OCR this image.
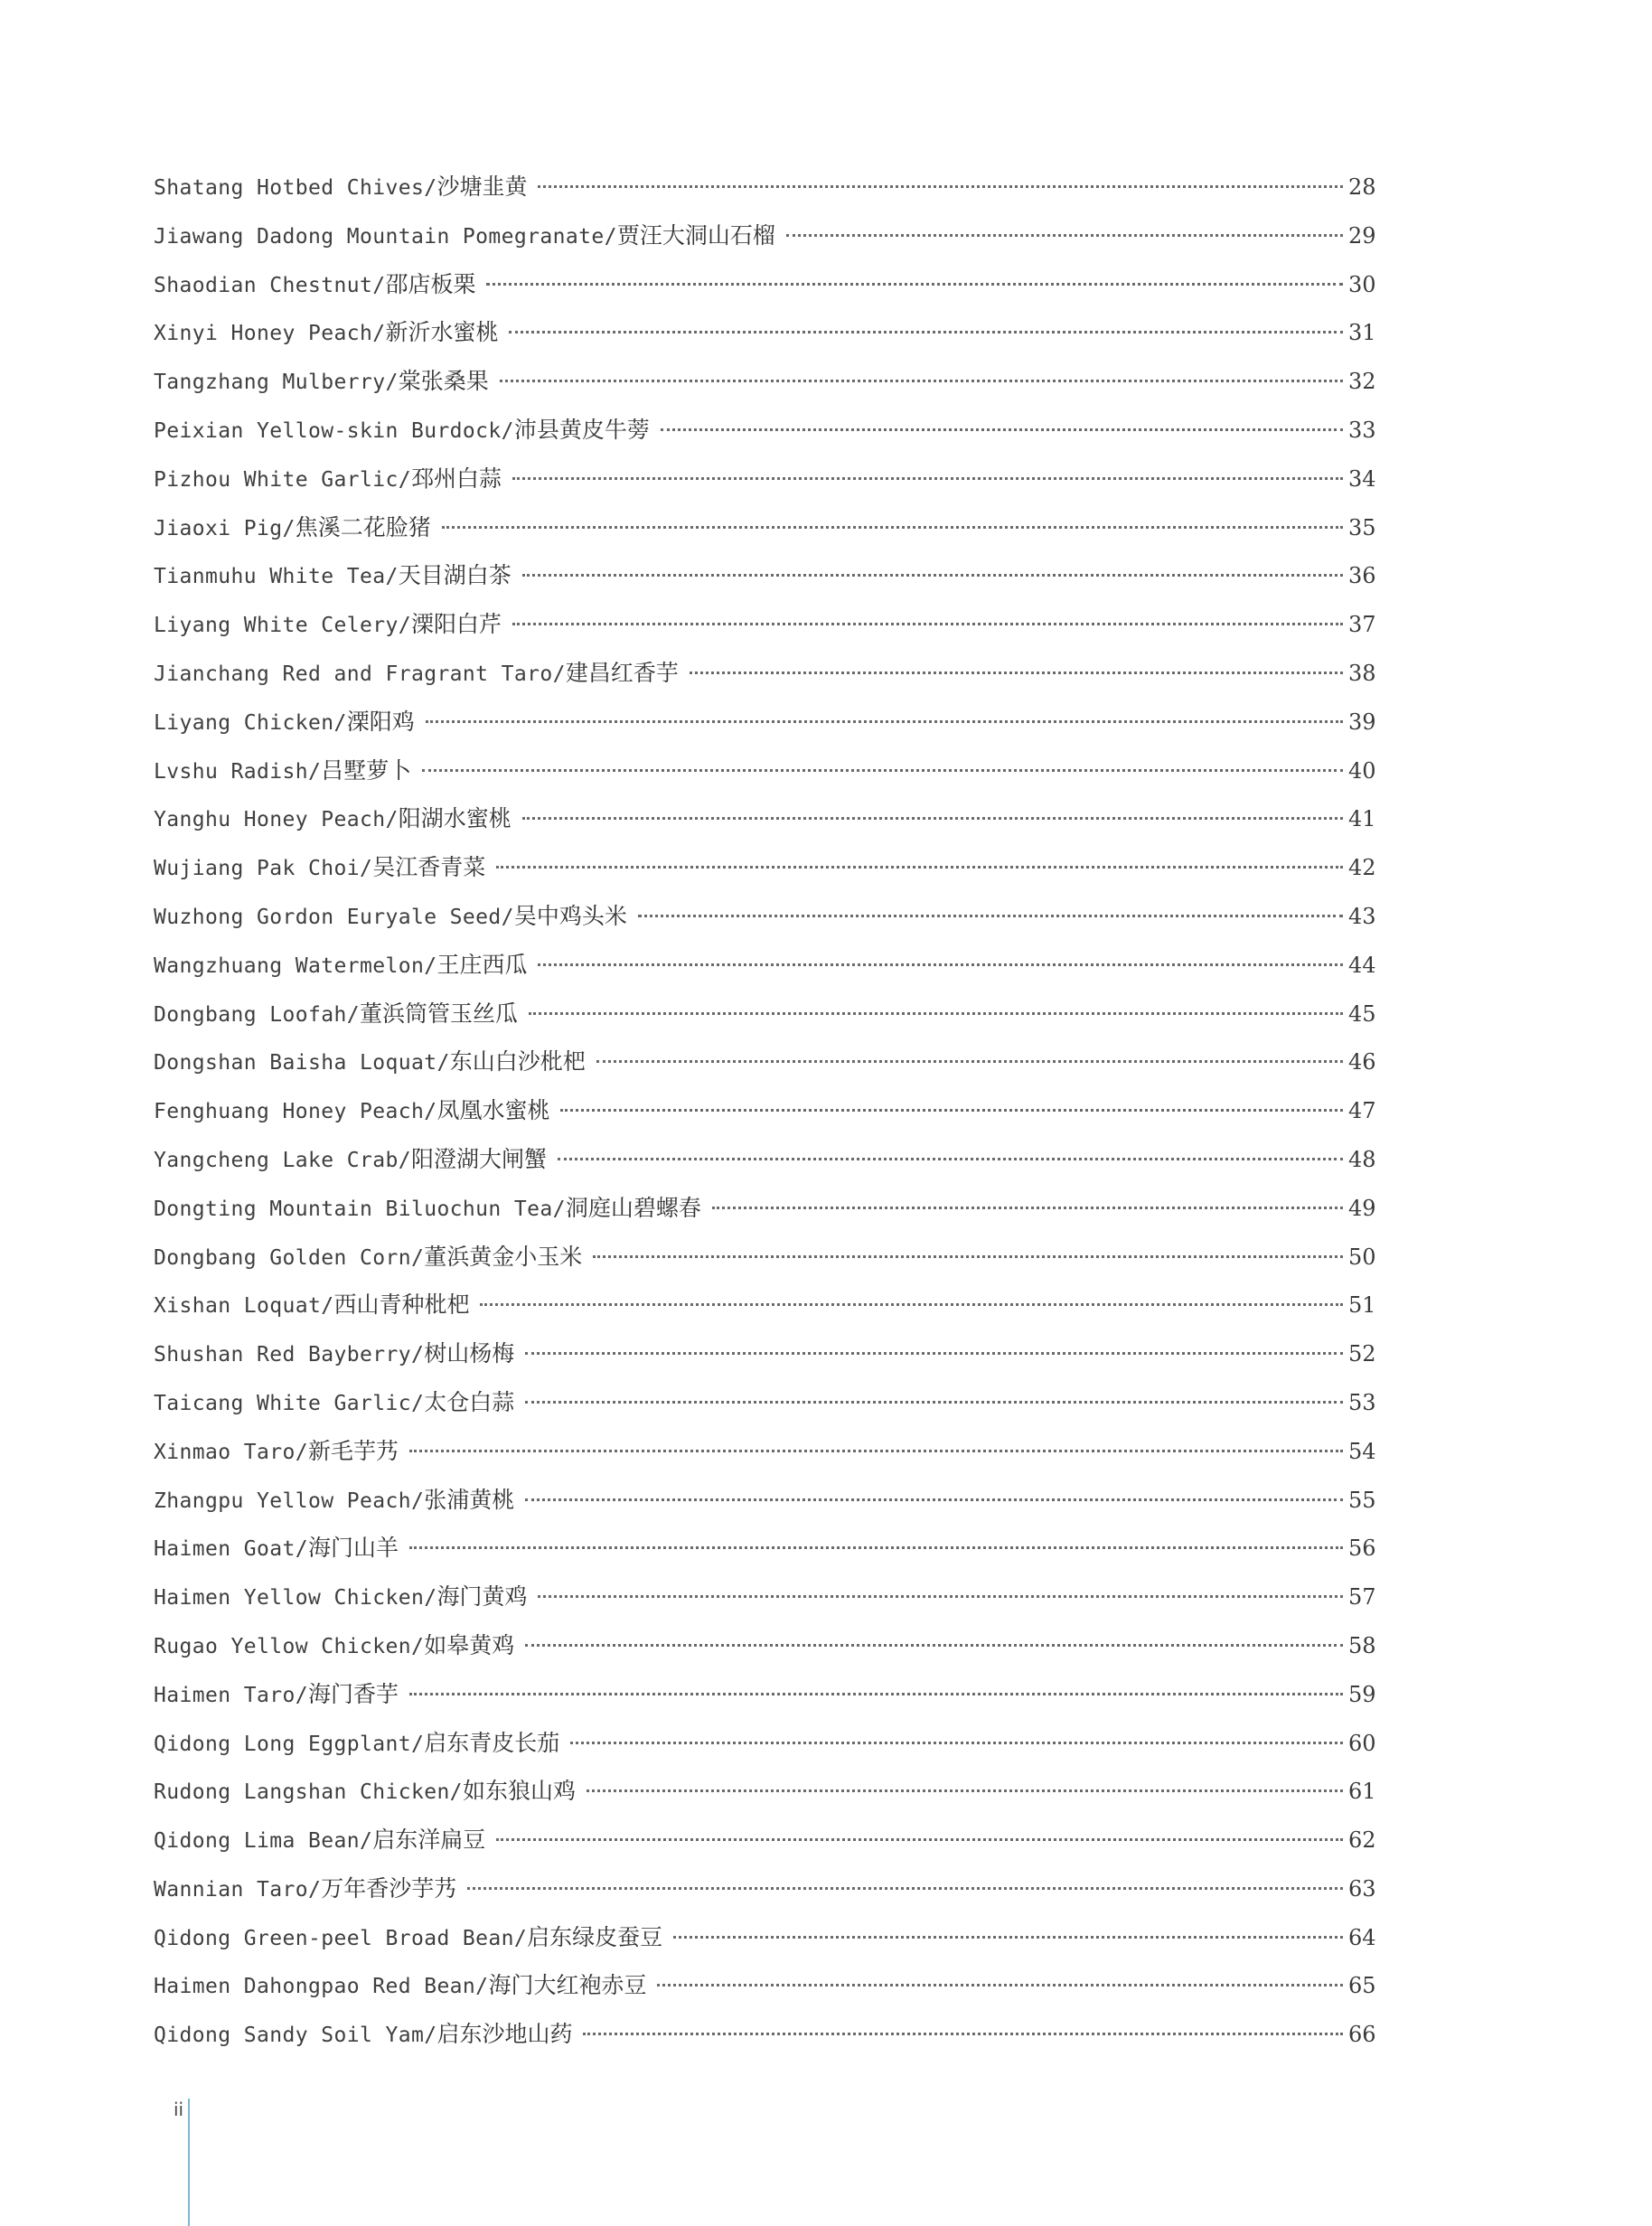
Shatang Hotbed Chives/ 沙塘韭黄	28
Jiawang Dadong Mountain Pomegranate/ 贾汪大洞山石榴	29
Shaodian Chestnut/ 邵店板栗	30
Xinyi Honey Peach/ 新沂水蜜桃	31
Tangzhang Mulberry/ 棠张桑果	32
Peixian Yellow-skin Burdock/ 沛县黄皮牛蒡	33
Pizhou White Garlic/ 邳州白蒜	34
Jiaoxi Pig/ 焦溪二花脸猪	35
Tianmuhu White Tea/ 天目湖白茶	36
Liyang White Celery/ 溧阳白芹	37
Jianchang Red and Fragrant Taro/ 建昌红香芋	38
Liyang Chicken/ 溧阳鸡	39
Lvshu Radish/ 吕墅萝卜	40
Yanghu Honey Peach/ 阳湖水蜜桃	41
Wujiang Pak Choi/ 吴江香青菜	42
Wuzhong Gordon Euryale Seed/ 吴中鸡头米	43
Wangzhuang Watermelon/ 王庄西瓜	44
Dongbang Loofah/ 董浜筒管玉丝瓜	45
Dongshan Baisha Loquat/ 东山白沙枇杷	46
Fenghuang Honey Peach/ 凤凰水蜜桃	47
Yangcheng Lake Crab/ 阳澄湖大闸蟹	48
Dongting Mountain Biluochun Tea/ 洞庭山碧螺春	49
Dongbang Golden Corn/ 董浜黄金小玉米	50
Xishan Loquat/ 西山青种枇杷	51
Shushan Red Bayberry/ 树山杨梅	52
Taicang White Garlic/ 太仓白蒜	53
Xinmao Taro/ 新毛芋艿	54
Zhangpu Yellow Peach/ 张浦黄桃	55
Haimen Goat/ 海门山羊	56
Haimen Yellow Chicken/ 海门黄鸡	57
Rugao Yellow Chicken/ 如皋黄鸡	58
Haimen Taro/ 海门香芋	59
Qidong Long Eggplant/ 启东青皮长茄	60
Rudong Langshan Chicken/ 如东狼山鸡	61
Qidong Lima Bean/ 启东洋扁豆	62
Wannian Taro/ 万年香沙芋艿	63
Qidong Green-peel Broad Bean/ 启东绿皮蚕豆	64
Haimen Dahongpao Red Bean/ 海门大红袍赤豆	65
Qidong Sandy Soil Yam/ 启东沙地山药	66
ii
